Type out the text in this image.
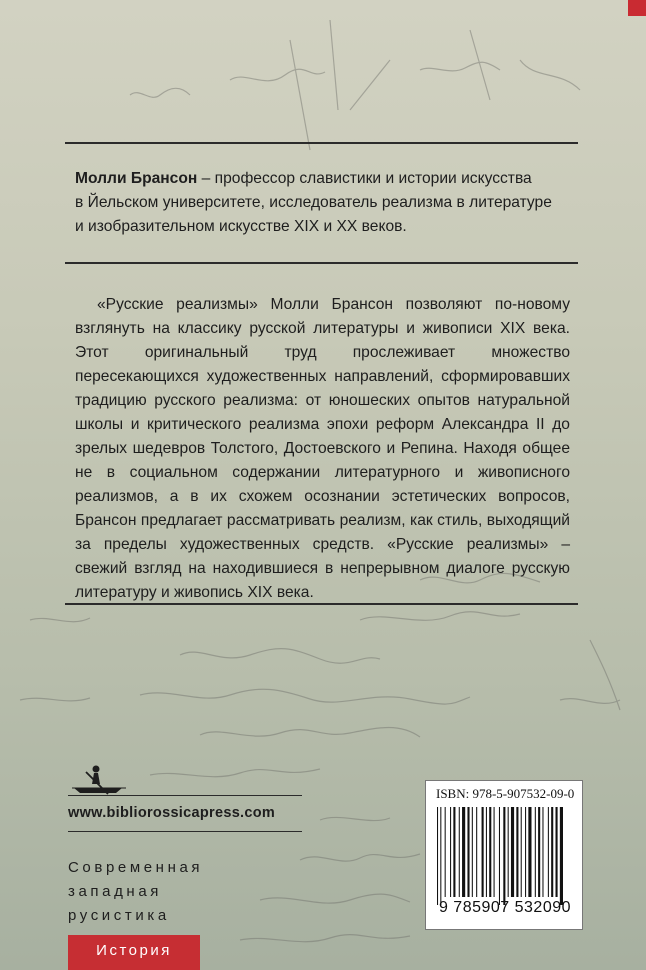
Молли Брансон – профессор славистики и истории искусства
в Йельском университете, исследователь реализма в литературе
и изобразительном искусстве XIX и XX веков.
«Русские реализмы» Молли Брансон позволяют по-новому взглянуть на классику русской литературы и живописи XIX века. Этот оригинальный труд прослеживает множество пересекающихся художественных направлений, сформировавших традицию русского реализма: от юношеских опытов натуральной школы и критического реализма эпохи реформ Александра II до зрелых шедевров Толстого, Достоевского и Репина. Находя общее не в социальном содержании литературного и живописного реализмов, а в их схожем осознании эстетических вопросов, Брансон предлагает рассматривать реализм, как стиль, выходящий за пределы художественных средств. «Русские реализмы» – свежий взгляд на находившиеся в непрерывном диалоге русскую литературу и живопись XIX века.
www.bibliorossicapress.com
Современная
западная
русистика
История
ISBN: 978-5-907532-09-0
9 785907 532090
